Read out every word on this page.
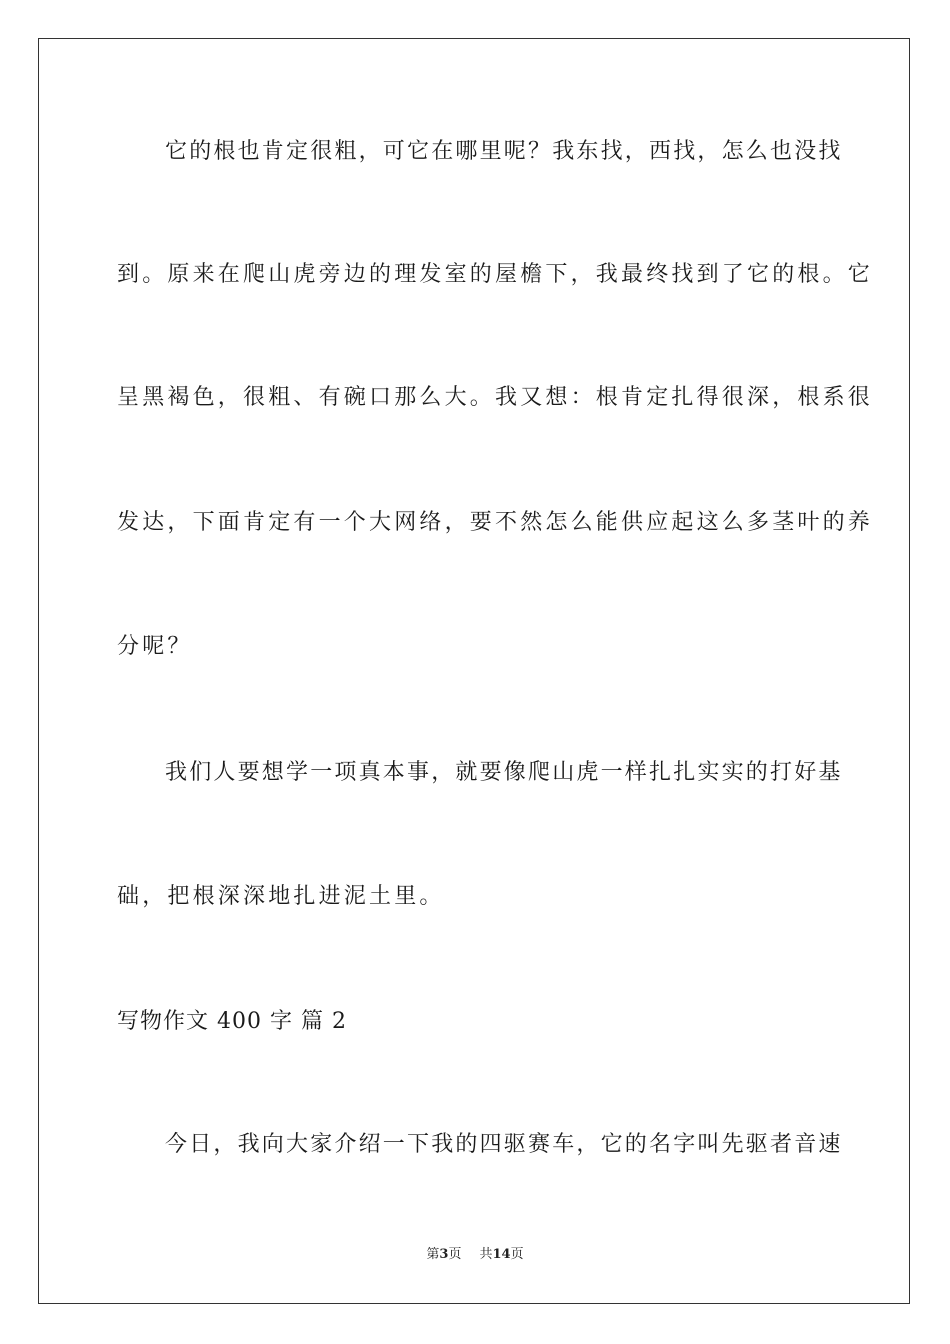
它的根也肯定很粗，可它在哪里呢？我东找，西找，怎么也没找
到。原来在爬山虎旁边的理发室的屋檐下，我最终找到了它的根。它
呈黑褐色，很粗、有碗口那么大。我又想：根肯定扎得很深，根系很
发达，下面肯定有一个大网络，要不然怎么能供应起这么多茎叶的养
分呢？
我们人要想学一项真本事，就要像爬山虎一样扎扎实实的打好基
础，把根深深地扎进泥土里。
写物作文 400 字 篇 2
今日，我向大家介绍一下我的四驱赛车，它的名字叫先驱者音速
第3页 共14页
